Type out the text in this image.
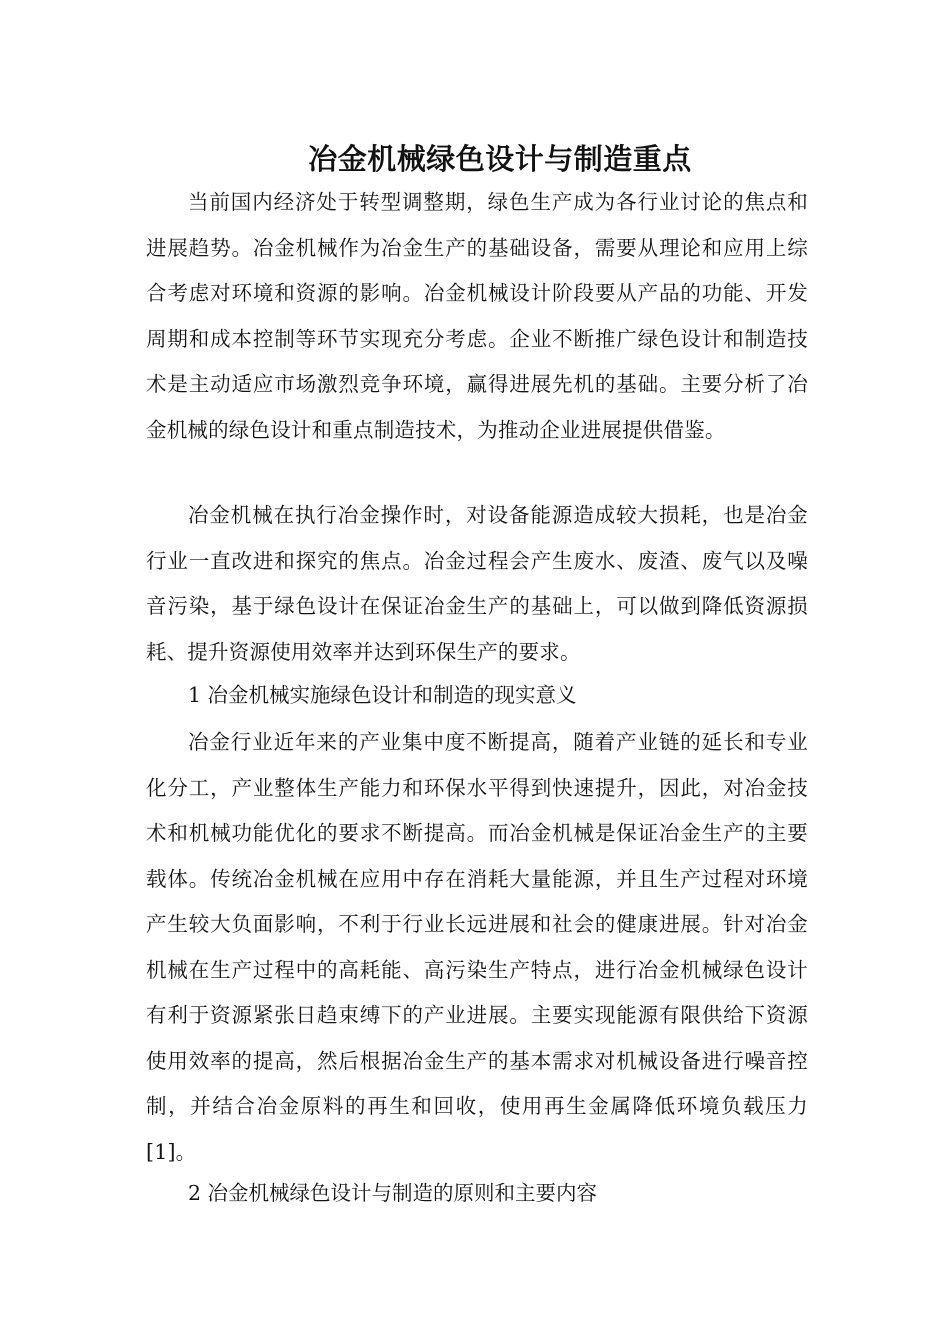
冶金机械绿色设计与制造重点

当前国内经济处于转型调整期，绿色生产成为各行业讨论的焦点和进展趋势。冶金机械作为冶金生产的基础设备，需要从理论和应用上综合考虑对环境和资源的影响。冶金机械设计阶段要从产品的功能、开发周期和成本控制等环节实现充分考虑。企业不断推广绿色设计和制造技术是主动适应市场激烈竞争环境，赢得进展先机的基础。主要分析了冶金机械的绿色设计和重点制造技术，为推动企业进展提供借鉴。

冶金机械在执行冶金操作时，对设备能源造成较大损耗，也是冶金行业一直改进和探究的焦点。冶金过程会产生废水、废渣、废气以及噪音污染，基于绿色设计在保证冶金生产的基础上，可以做到降低资源损耗、提升资源使用效率并达到环保生产的要求。

1 冶金机械实施绿色设计和制造的现实意义

冶金行业近年来的产业集中度不断提高，随着产业链的延长和专业化分工，产业整体生产能力和环保水平得到快速提升，因此，对冶金技术和机械功能优化的要求不断提高。而冶金机械是保证冶金生产的主要载体。传统冶金机械在应用中存在消耗大量能源，并且生产过程对环境产生较大负面影响，不利于行业长远进展和社会的健康进展。针对冶金机械在生产过程中的高耗能、高污染生产特点，进行冶金机械绿色设计有利于资源紧张日趋束缚下的产业进展。主要实现能源有限供给下资源使用效率的提高，然后根据冶金生产的基本需求对机械设备进行噪音控制，并结合冶金原料的再生和回收，使用再生金属降低环境负载压力[1]。

2 冶金机械绿色设计与制造的原则和主要内容
